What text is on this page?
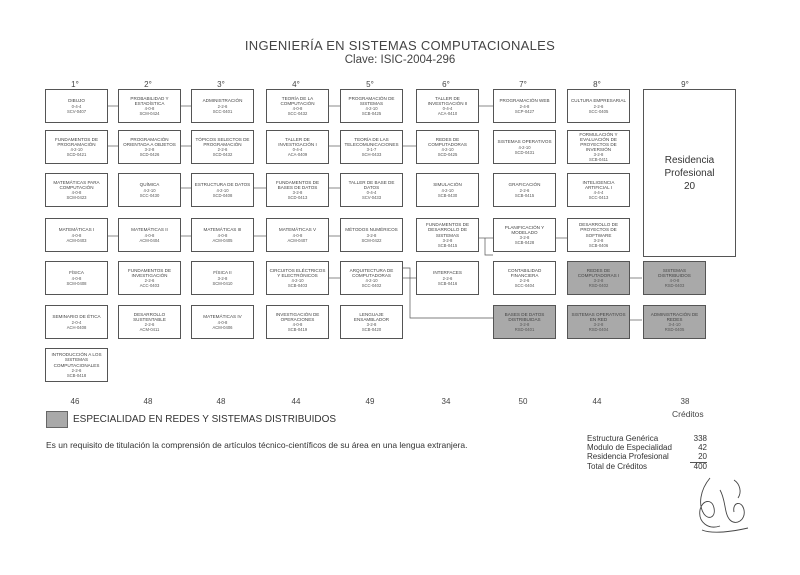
INGENIERÍA EN SISTEMAS COMPUTACIONALES
Clave: ISIC-2004-296
1°	2°	3°	4°	5°	6°	7°	8°	9°
DIBUJO
0-4-4
SCV-0407
FUNDAMENTOS DE PROGRAMACIÓN
4-2-10
SCD-0421
MATEMÁTICAS PARA COMPUTACIÓN
4-0-8
SCM-0423
MATEMÁTICAS I
4-0-8
ACM-0403
FÍSICA
4-0-8
SCM-0408
SEMINARIO DE ÉTICA
2-0-4
ACH-0408
INTRODUCCIÓN A LOS SISTEMAS COMPUTACIONALES
2-2-6
SCB-0418
PROBABILIDAD Y ESTADÍSTICA
4-0-8
SCM-0424
PROGRAMACIÓN ORIENTADA A OBJETOS
3-2-8
SCD-0426
QUÍMICA
4-2-10
SCC-0430
MATEMÁTICAS II
4-0-8
ACM-0404
FUNDAMENTOS DE INVESTIGACIÓN
2-2-6
ACC-0403
DESARROLLO SUSTENTABLE
2-2-6
ACM-0411
ADMINISTRACIÓN
2-2-6
SCC-0401
TÓPICOS SELECTOS DE PROGRAMACIÓN
2-2-6
SCD-0432
ESTRUCTURA DE DATOS
4-2-10
SCD-0408
MATEMÁTICAS III
4-0-8
ACM-0405
FÍSICA II
3-2-8
SCM-0410
MATEMÁTICAS IV
4-0-8
ACM-0406
TEORÍA DE LA COMPUTACIÓN
4-0-8
SCC-0432
TALLER DE INVESTIGACIÓN I
0-4-4
ACA-0409
FUNDAMENTOS DE BASES DE DATOS
3-2-8
SCD-0413
MATEMÁTICAS V
4-0-8
ACM-0407
CIRCUITOS ELÉCTRICOS Y ELECTRÓNICOS
4-2-10
SCB-0403
INVESTIGACIÓN DE OPERACIONES
4-0-8
SCB-0419
PROGRAMACIÓN DE SISTEMAS
4-2-10
SCB-0425
TEORÍA DE LAS TELECOMUNICACIONES
3-1-7
SCH-0433
TALLER DE BASE DE DATOS
0-4-4
SCV-0433
MÉTODOS NUMÉRICOS
3-2-8
SCM-0422
ARQUITECTURA DE COMPUTADORAS
4-2-10
SCC-0402
LENGUAJE ENSAMBLADOR
3-2-8
SCB-0420
TALLER DE INVESTIGACIÓN II
0-4-4
ACA-0410
REDES DE COMPUTADORAS
4-2-10
SCD-0425
SIMULACIÓN
4-2-10
SCB-0430
FUNDAMENTOS DE DESARROLLO DE SISTEMAS
3-2-8
SCB-0415
INTERFACES
2-2-6
SCB-0416
PROGRAMACIÓN WEB
2-4-8
SCP-0427
SISTEMAS OPERATIVOS
4-2-10
SCD-0431
GRAFICACIÓN
2-2-6
SCB-0415
PLANIFICACIÓN Y MODELADO
3-2-8
SCB-0428
CONTABILIDAD FINANCIERA
2-2-6
SCC-0404
BASES DE DATOS DISTRIBUIDAS
3-2-8
RSD-0401
CULTURA EMPRESARIAL
2-2-6
SCC-0405
FORMULACIÓN Y EVALUACIÓN DE PROYECTOS DE INVERSIÓN
3-2-8
SCB-0411
INTELIGENCIA ARTIFICIAL I
4-4-4
SCC-0413
DESARROLLO DE PROYECTOS DE SOFTWARE
3-2-8
SCB-0406
REDES DE COMPUTADORAS I
3-2-8
RSD-0402
SISTEMAS OPERATIVOS EN RED
3-2-8
RSD-0404
SISTEMAS DISTRIBUIDOS
4-0-8
RSD-0403
ADMINISTRACIÓN DE REDES
3-4-10
RSD-0405
Residencia
Profesional
20
46	48	48	44	49	34	50	44	38
ESPECIALIDAD EN REDES Y SISTEMAS DISTRIBUIDOS
Es un requisito de titulación la comprensión de artículos técnico-científicos de su área en una lengua extranjera.
Créditos
Estructura Genérica	338
Modulo de Especialidad	42
Residencia Profesional	20
Total de Créditos	400
